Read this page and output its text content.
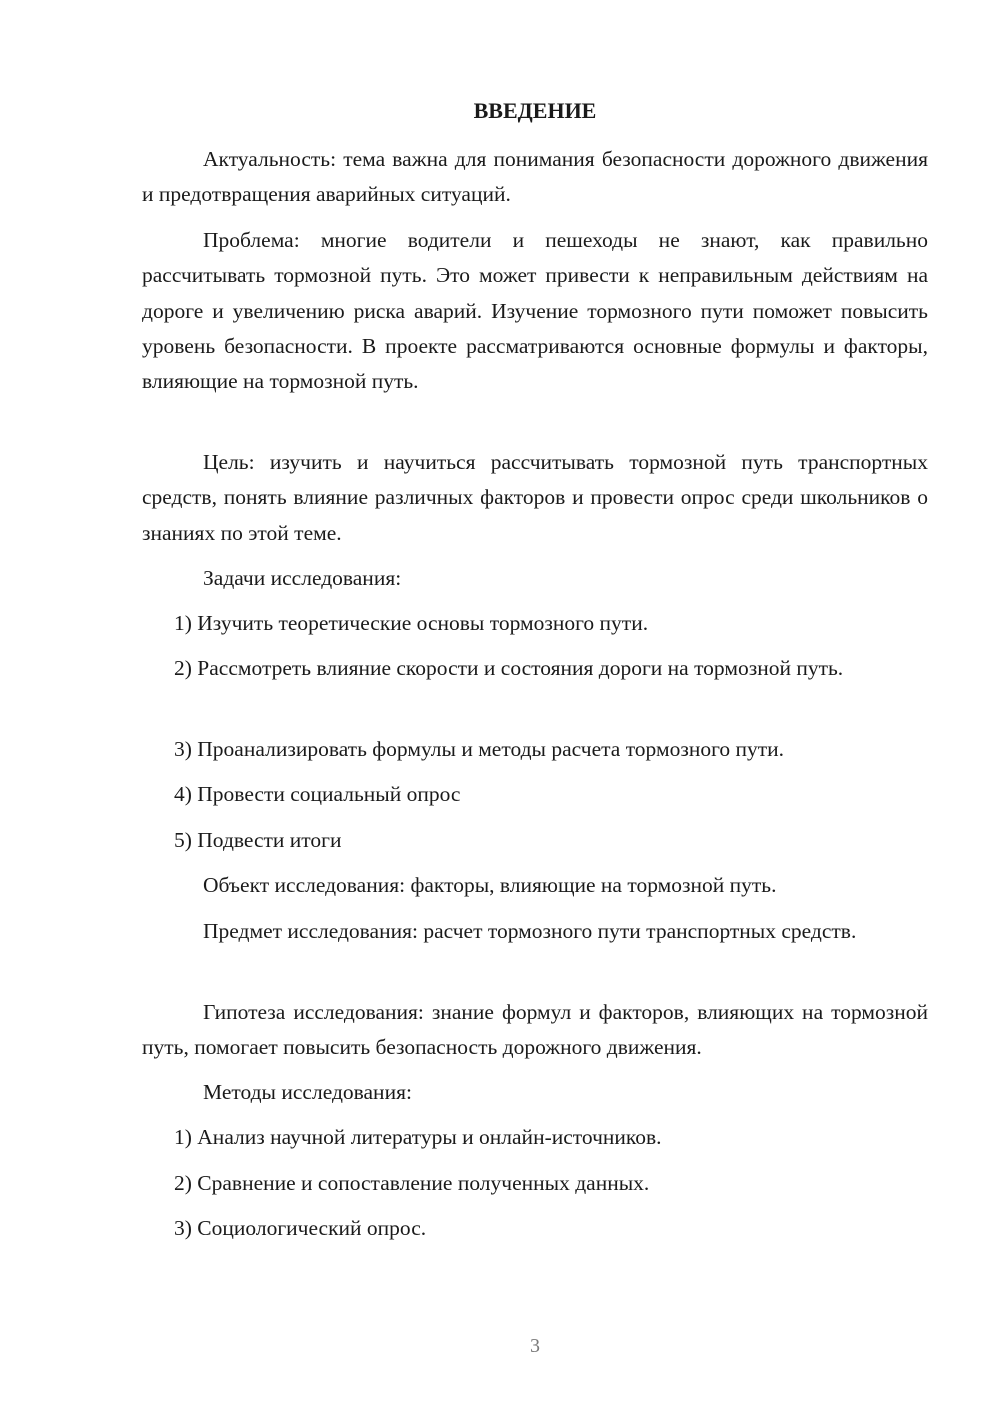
ВВЕДЕНИЕ

Актуальность: тема важна для понимания безопасности дорожного движения и предотвращения аварийных ситуаций.

Проблема: многие водители и пешеходы не знают, как правильно рассчитывать тормозной путь. Это может привести к неправильным действиям на дороге и увеличению риска аварий. Изучение тормозного пути поможет повысить уровень безопасности. В проекте рассматриваются основные формулы и факторы, влияющие на тормозной путь.

Цель: изучить и научиться рассчитывать тормозной путь транспортных средств, понять влияние различных факторов и провести опрос среди школьников о знаниях по этой теме.

Задачи исследования:

1) Изучить теоретические основы тормозного пути.

2) Рассмотреть влияние скорости и состояния дороги на тормозной путь.

3) Проанализировать формулы и методы расчета тормозного пути.

4) Провести социальный опрос

5) Подвести итоги

Объект исследования: факторы, влияющие на тормозной путь.

Предмет исследования: расчет тормозного пути транспортных средств.

Гипотеза исследования: знание формул и факторов, влияющих на тормозной путь, помогает повысить безопасность дорожного движения.

Методы исследования:

1) Анализ научной литературы и онлайн-источников.

2) Сравнение и сопоставление полученных данных.

3) Социологический опрос.

3
